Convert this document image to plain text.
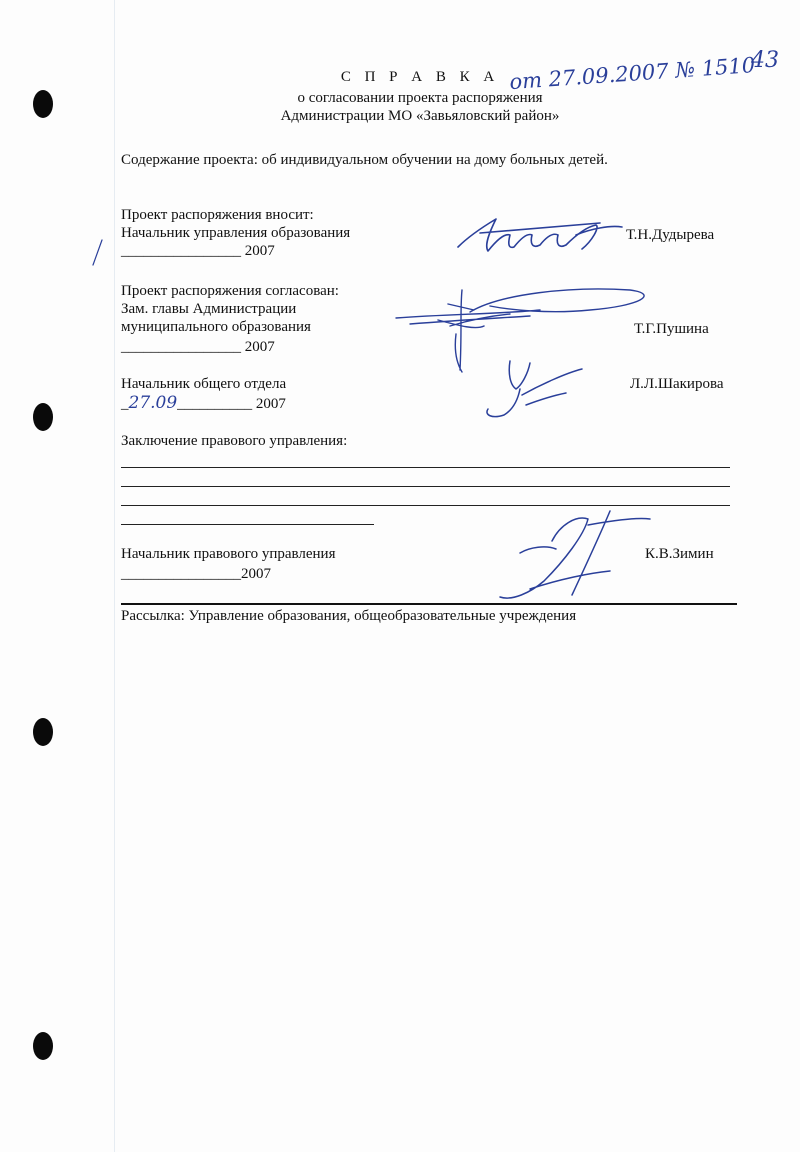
С П Р А В К А
о согласовании проекта распоряжения
Администрации МО «Завьяловский район»
от 27.09.2007 № 1510
43
Содержание проекта: об индивидуальном обучении на дому больных детей.
Проект распоряжения вносит:
Начальник управления образования
________________ 2007
Т.Н.Дудырева
Проект распоряжения согласован:
Зам. главы Администрации
муниципального образования
________________ 2007
Т.Г.Пушина
Начальник общего отдела
_27.09__________ 2007
Л.Л.Шакирова
Заключение правового управления:
Начальник правового управления
________________2007
К.В.Зимин
Рассылка: Управление образования, общеобразовательные учреждения
